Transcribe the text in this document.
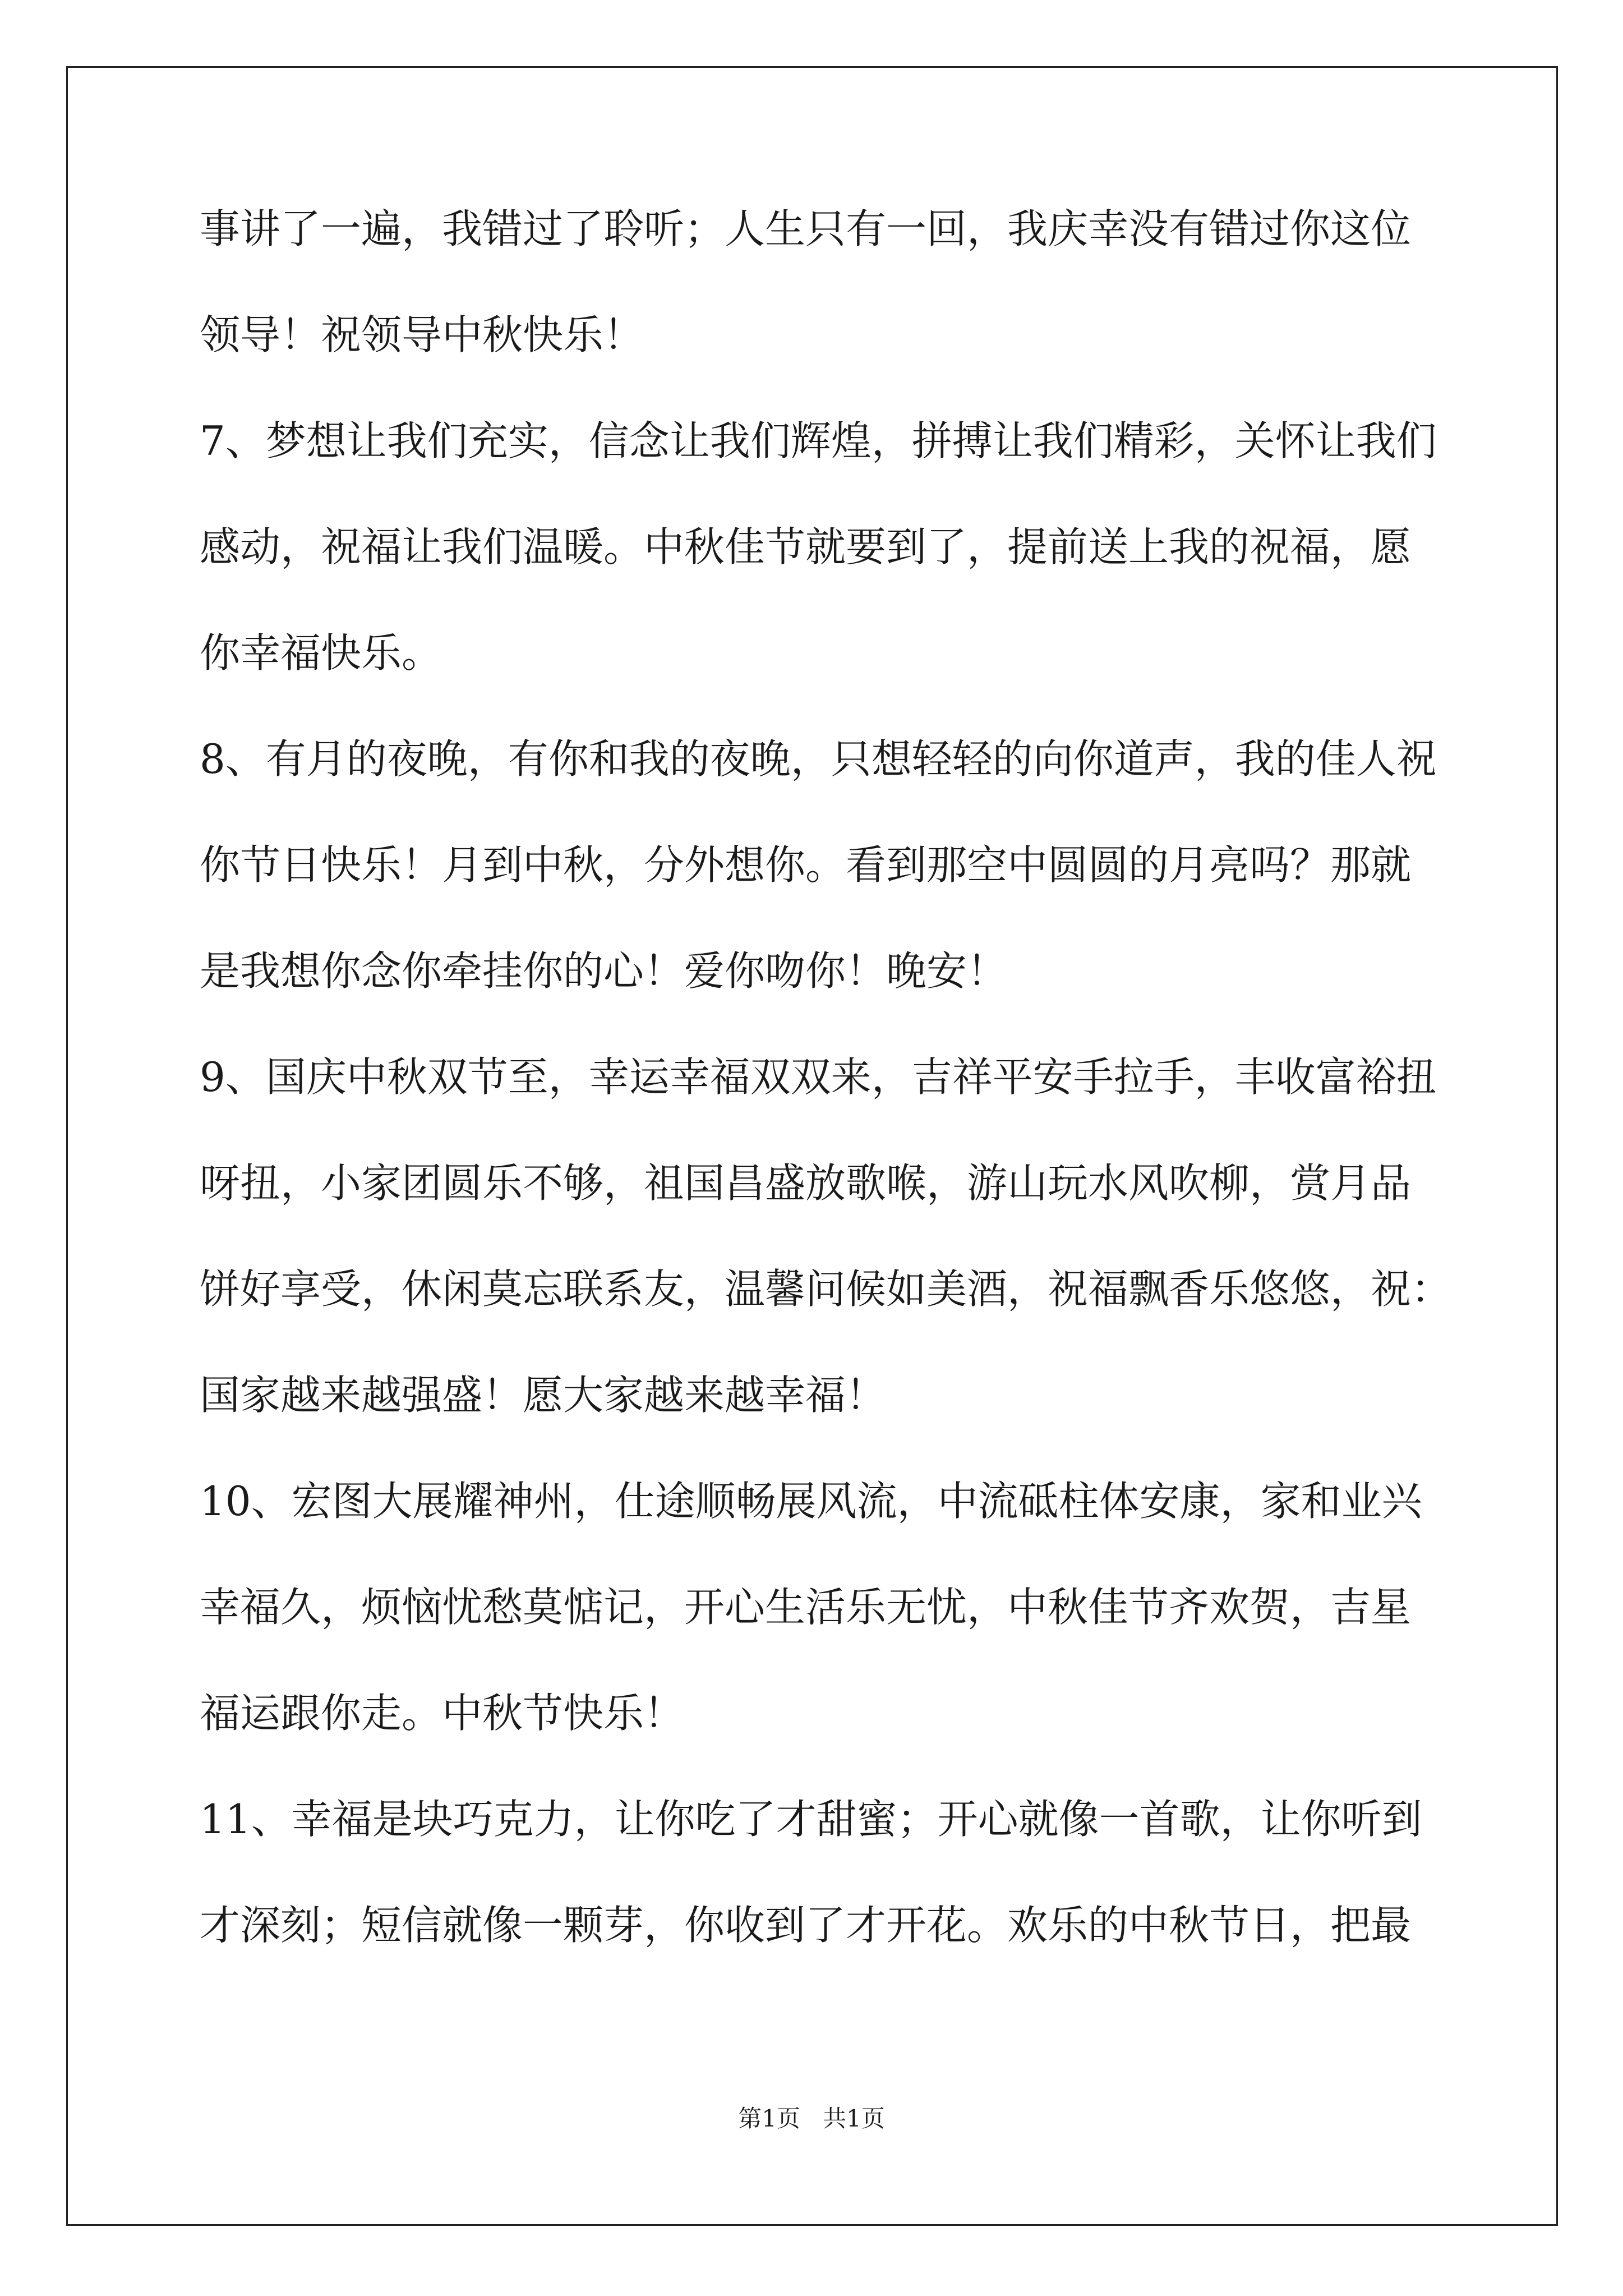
事讲了一遍，我错过了聆听；人生只有一回，我庆幸没有错过你这位
领导！祝领导中秋快乐！
7、梦想让我们充实，信念让我们辉煌，拼搏让我们精彩，关怀让我们
感动，祝福让我们温暖。中秋佳节就要到了，提前送上我的祝福，愿
你幸福快乐。
8、有月的夜晚，有你和我的夜晚，只想轻轻的向你道声，我的佳人祝
你节日快乐！月到中秋，分外想你。看到那空中圆圆的月亮吗？那就
是我想你念你牵挂你的心！爱你吻你！晚安！
9、国庆中秋双节至，幸运幸福双双来，吉祥平安手拉手，丰收富裕扭
呀扭，小家团圆乐不够，祖国昌盛放歌喉，游山玩水风吹柳，赏月品
饼好享受，休闲莫忘联系友，温馨问候如美酒，祝福飘香乐悠悠，祝：
国家越来越强盛！愿大家越来越幸福！
10、宏图大展耀神州，仕途顺畅展风流，中流砥柱体安康，家和业兴
幸福久，烦恼忧愁莫惦记，开心生活乐无忧，中秋佳节齐欢贺，吉星
福运跟你走。中秋节快乐！
11、幸福是块巧克力，让你吃了才甜蜜；开心就像一首歌，让你听到
才深刻；短信就像一颗芽，你收到了才开花。欢乐的中秋节日，把最
第1页   共1页
